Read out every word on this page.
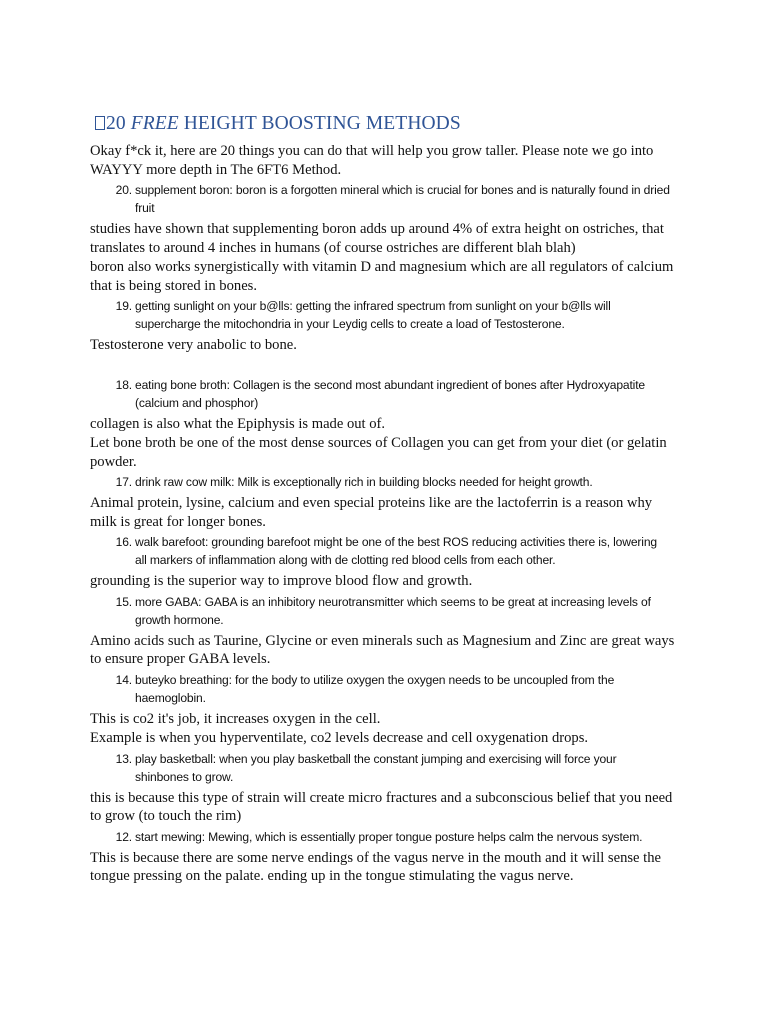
20 FREE HEIGHT BOOSTING METHODS

Okay f*ck it, here are 20 things you can do that will help you grow taller. Please note we go into WAYYY more depth in The 6FT6 Method.

20. supplement boron: boron is a forgotten mineral which is crucial for bones and is naturally found in dried fruit

studies have shown that supplementing boron adds up around 4% of extra height on ostriches, that translates to around 4 inches in humans (of course ostriches are different blah blah)

boron also works synergistically with vitamin D and magnesium which are all regulators of calcium that is being stored in bones.

19. getting sunlight on your b@lls: getting the infrared spectrum from sunlight on your b@lls will supercharge the mitochondria in your Leydig cells to create a load of Testosterone.

Testosterone very anabolic to bone.

18. eating bone broth: Collagen is the second most abundant ingredient of bones after Hydroxyapatite (calcium and phosphor)

collagen is also what the Epiphysis is made out of.

Let bone broth be one of the most dense sources of Collagen you can get from your diet (or gelatin powder.

17. drink raw cow milk: Milk is exceptionally rich in building blocks needed for height growth.

Animal protein, lysine, calcium and even special proteins like are the lactoferrin is a reason why milk is great for longer bones.

16. walk barefoot: grounding barefoot might be one of the best ROS reducing activities there is, lowering all markers of inflammation along with de clotting red blood cells from each other.

grounding is the superior way to improve blood flow and growth.

15. more GABA: GABA is an inhibitory neurotransmitter which seems to be great at increasing levels of growth hormone.

Amino acids such as Taurine, Glycine or even minerals such as Magnesium and Zinc are great ways to ensure proper GABA levels.

14. buteyko breathing: for the body to utilize oxygen the oxygen needs to be uncoupled from the haemoglobin.

This is co2 it's job, it increases oxygen in the cell.

Example is when you hyperventilate, co2 levels decrease and cell oxygenation drops.

13. play basketball: when you play basketball the constant jumping and exercising will force your shinbones to grow.

this is because this type of strain will create micro fractures and a subconscious belief that you need to grow (to touch the rim)

12. start mewing: Mewing, which is essentially proper tongue posture helps calm the nervous system.

This is because there are some nerve endings of the vagus nerve in the mouth and it will sense the tongue pressing on the palate. ending up in the tongue stimulating the vagus nerve.
